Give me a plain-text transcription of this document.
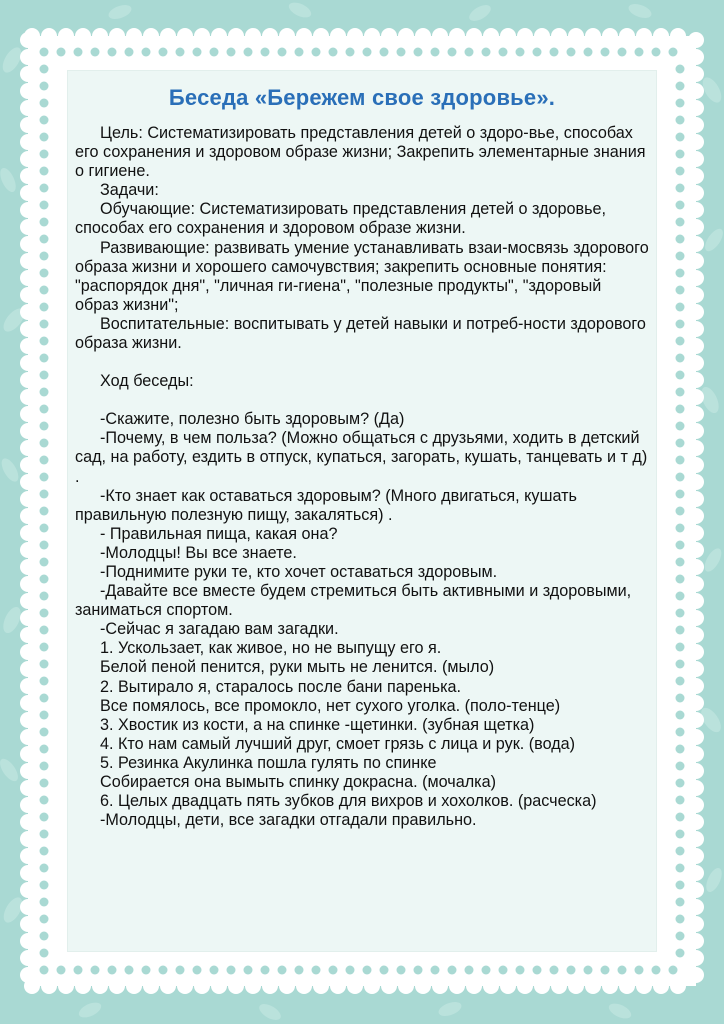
Беседа «Бережем свое здоровье».

Цель: Систематизировать представления детей о здоро-вье, способах его сохранения и здоровом образе жизни; Закрепить элементарные знания о гигиене.

Задачи:

Обучающие: Систематизировать представления детей о здоровье, способах его сохранения и здоровом образе жизни.

Развивающие: развивать умение устанавливать взаи-мосвязь здорового образа жизни и хорошего самочувствия; закрепить основные понятия: "распорядок дня", "личная ги-гиена", "полезные продукты", "здоровый образ жизни";

Воспитательные: воспитывать у детей навыки и потреб-ности здорового образа жизни.

Ход беседы:

-Скажите, полезно быть здоровым? (Да)

-Почему, в чем польза? (Можно общаться с друзьями, ходить в детский сад, на работу, ездить в отпуск, купаться, загорать, кушать, танцевать и т д) .

-Кто знает как оставаться здоровым? (Много двигаться, кушать правильную полезную пищу, закаляться) .

- Правильная пища, какая она?

-Молодцы! Вы все знаете.

-Поднимите руки те, кто хочет оставаться здоровым.

-Давайте все вместе будем стремиться быть активными и здоровыми, заниматься спортом.

-Сейчас я загадаю вам загадки.

1. Ускользает, как живое, но не выпущу его я.

Белой пеной пенится, руки мыть не ленится. (мыло)

2. Вытирало я, старалось после бани паренька.

Все помялось, все промокло, нет сухого уголка. (поло-тенце)

3. Хвостик из кости, а на спинке -щетинки. (зубная щетка)

4. Кто нам самый лучший друг, смоет грязь с лица и рук. (вода)

5. Резинка Акулинка пошла гулять по спинке

Собирается она вымыть спинку докрасна. (мочалка)

6. Целых двадцать пять зубков для вихров и хохолков. (расческа)

-Молодцы, дети, все загадки отгадали правильно.
